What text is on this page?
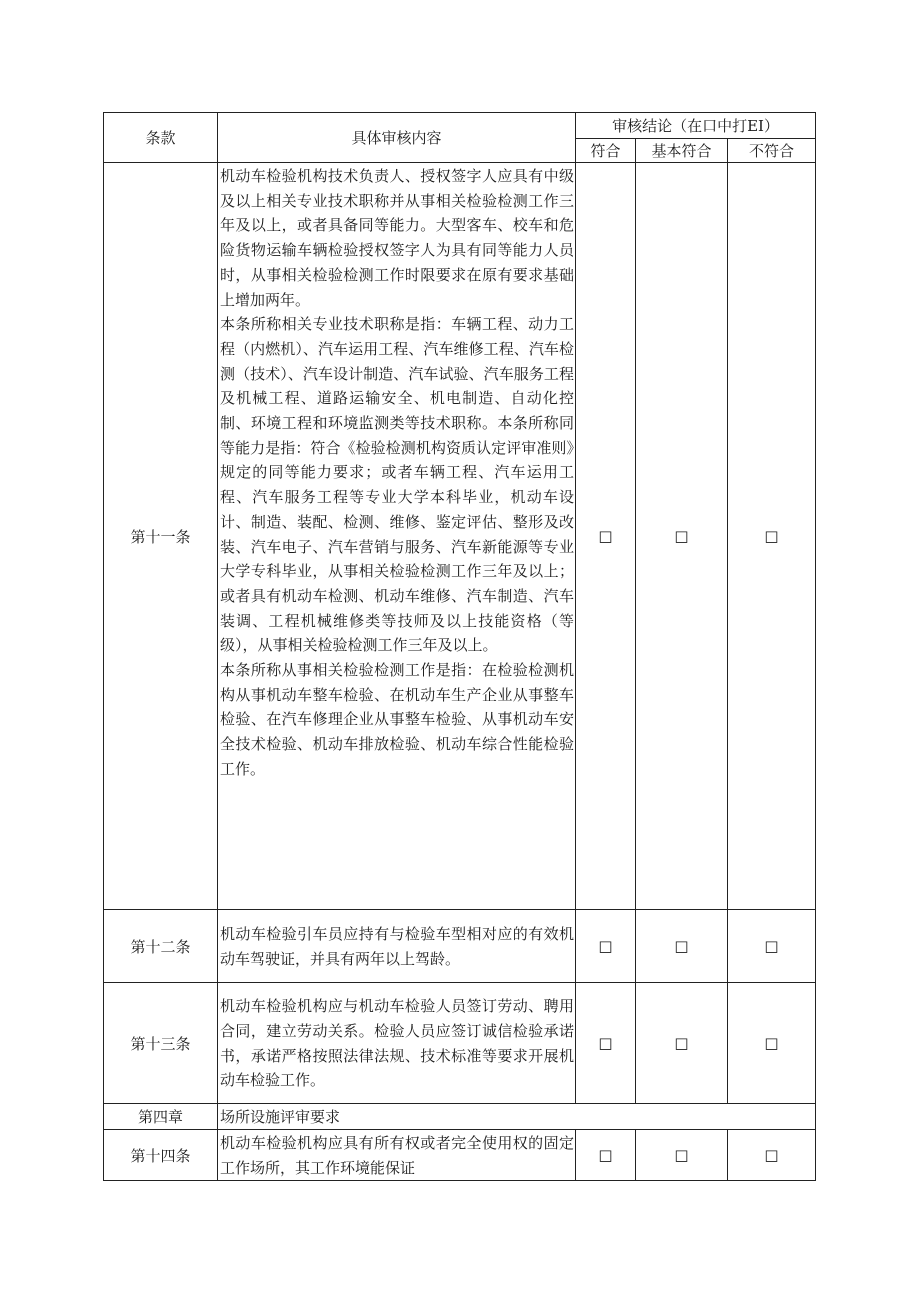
条款	具体审核内容	审核结论（在口中打EI）		
		符合	基本符合	不符合
第十一条	机动车检验机构技术负责人、授权签字人应具有中级及以上相关专业技术职称并从事相关检验检测工作三年及以上，或者具备同等能力。大型客车、校车和危险货物运输车辆检验授权签字人为具有同等能力人员时，从事相关检验检测工作时限要求在原有要求基础上增加两年。

本条所称相关专业技术职称是指：车辆工程、动力工程（内燃机）、汽车运用工程、汽车维修工程、汽车检测（技术）、汽车设计制造、汽车试验、汽车服务工程及机械工程、道路运输安全、机电制造、自动化控制、环境工程和环境监测类等技术职称。本条所称同等能力是指：符合《检验检测机构资质认定评审准则》规定的同等能力要求；或者车辆工程、汽车运用工程、汽车服务工程等专业大学本科毕业，机动车设计、制造、装配、检测、维修、鉴定评估、整形及改装、汽车电子、汽车营销与服务、汽车新能源等专业大学专科毕业，从事相关检验检测工作三年及以上；或者具有机动车检测、机动车维修、汽车制造、汽车装调、工程机械维修类等技师及以上技能资格（等级），从事相关检验检测工作三年及以上。

本条所称从事相关检验检测工作是指：在检验检测机构从事机动车整车检验、在机动车生产企业从事整车检验、在汽车修理企业从事整车检验、从事机动车安全技术检验、机动车排放检验、机动车综合性能检验工作。	□	□	□
第十二条	机动车检验引车员应持有与检验车型相对应的有效机动车驾驶证，并具有两年以上驾龄。	□	□	□
第十三条	机动车检验机构应与机动车检验人员签订劳动、聘用合同，建立劳动关系。检验人员应签订诚信检验承诺书，承诺严格按照法律法规、技术标准等要求开展机动车检验工作。	□	□	□
第四章	场所设施评审要求			
第十四条	机动车检验机构应具有所有权或者完全使用权的固定工作场所，其工作环境能保证	□	□	□
